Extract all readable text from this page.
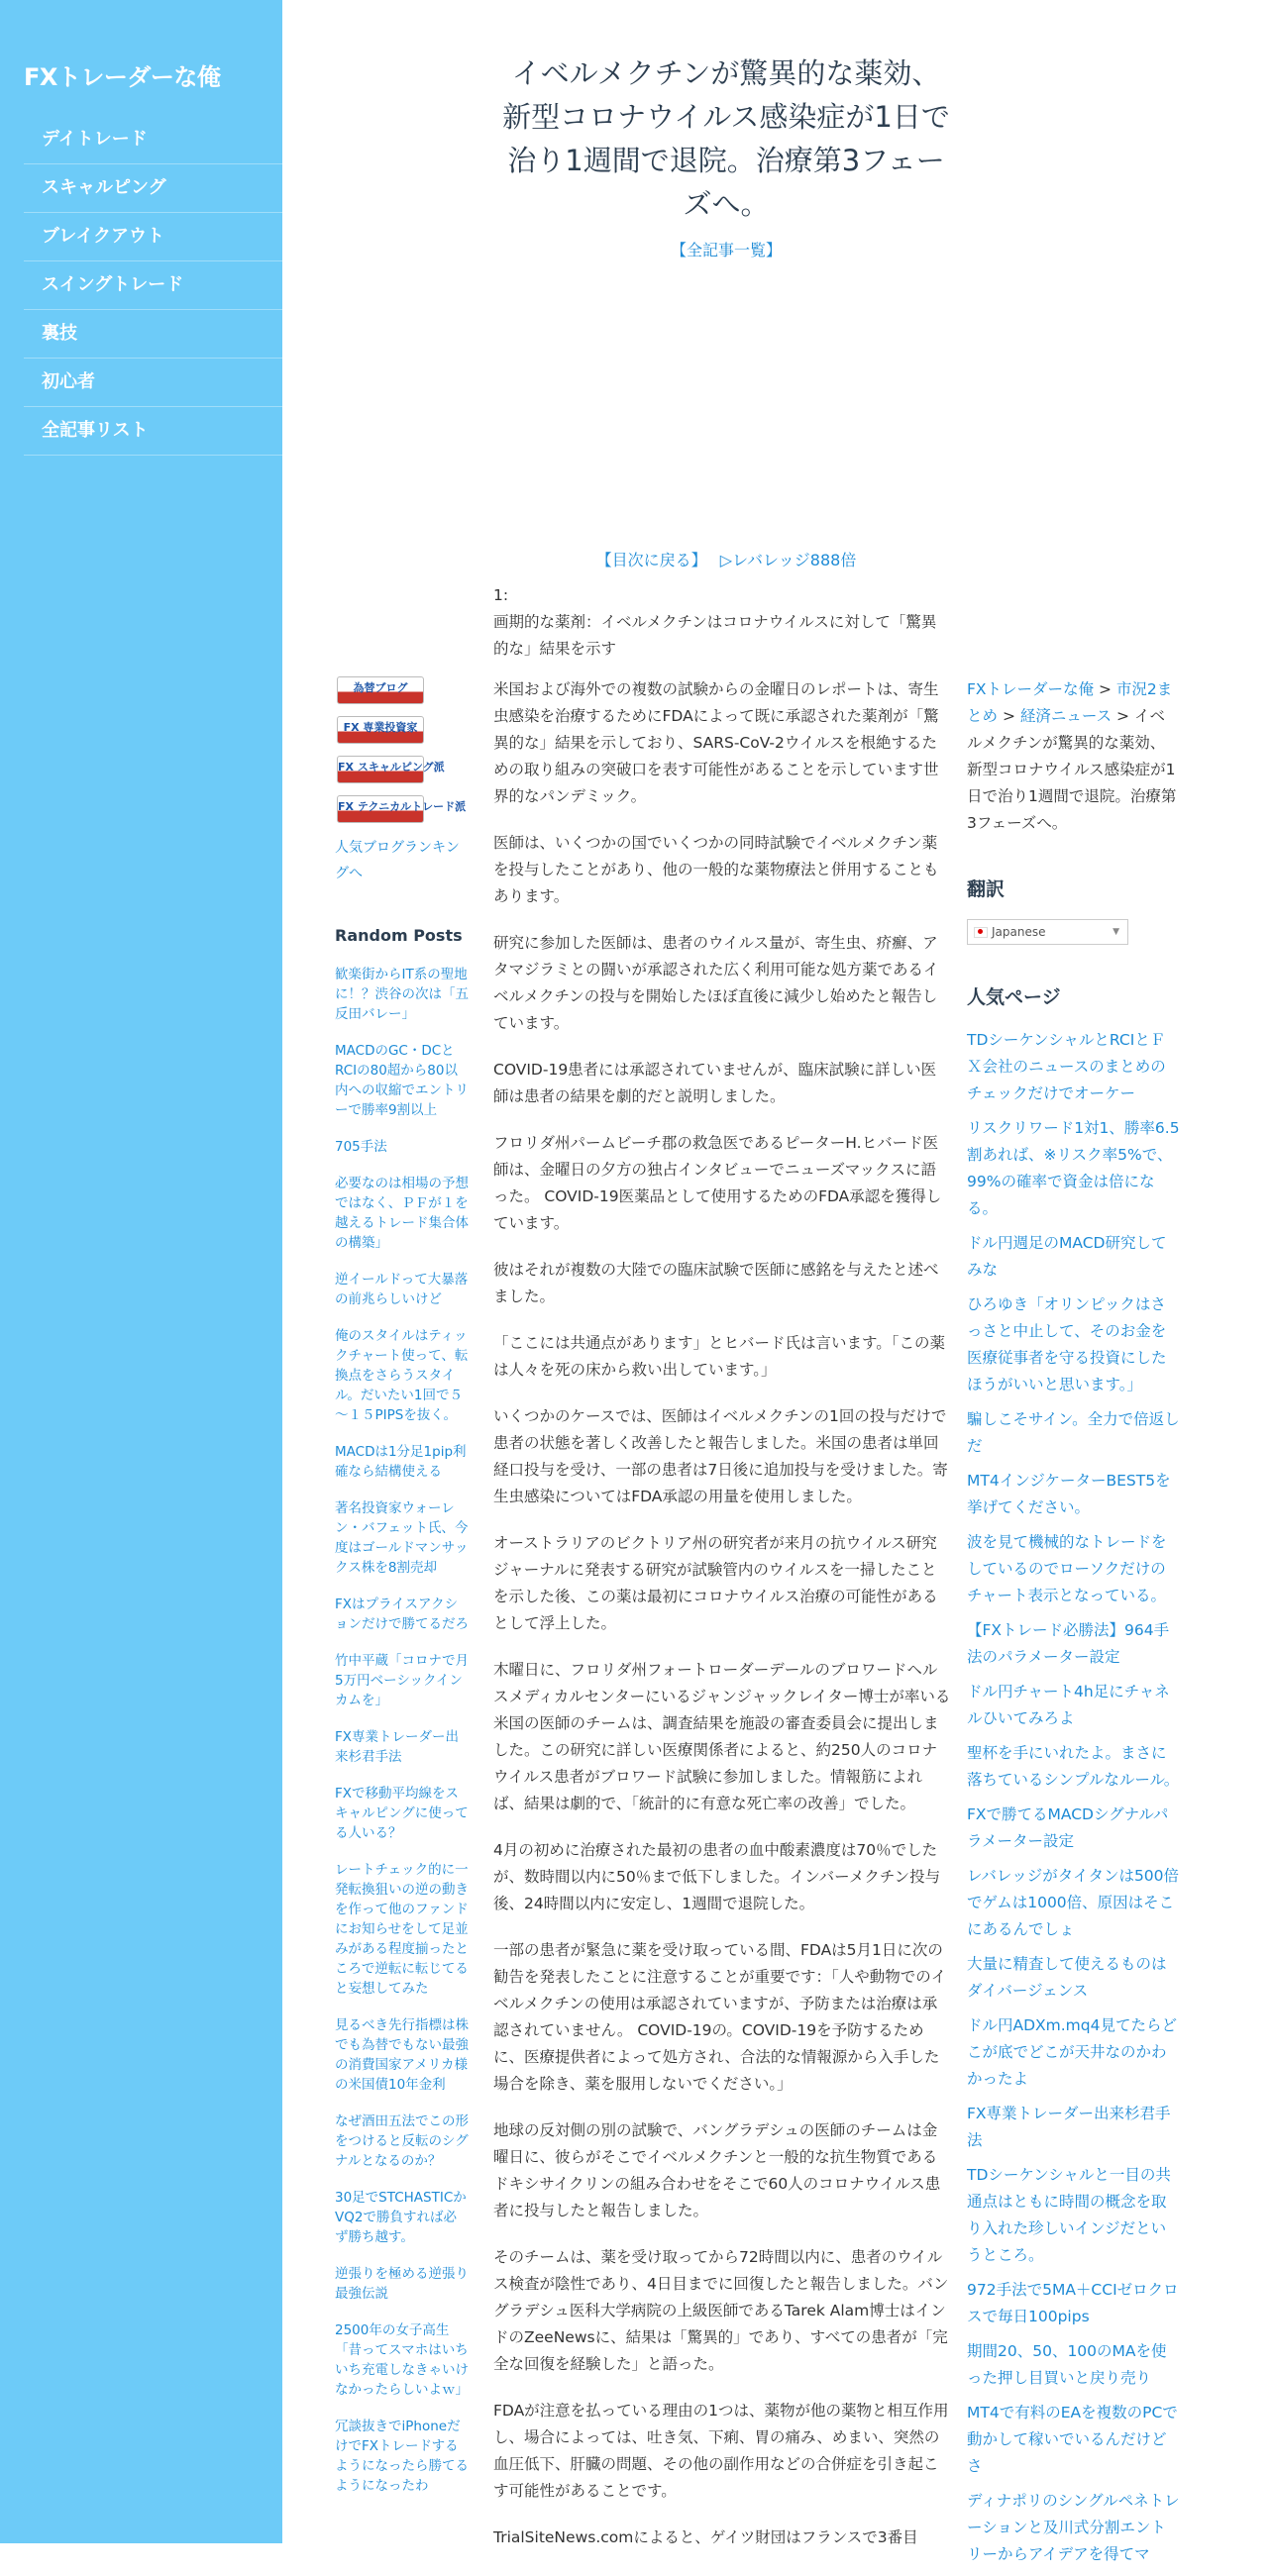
FXトレーダーな俺
デイトレード
スキャルピング
ブレイクアウト
スイングトレード
裏技
初心者
全記事リスト
イベルメクチンが驚異的な薬効、新型コロナウイルス感染症が1日で治り1週間で退院。治療第3フェーズへ。
【全記事一覧】
【目次に戻る】 ▷レバレッジ888倍
1:
画期的な薬剤：イベルメクチンはコロナウイルスに対して「驚異的な」結果を示す

米国および海外での複数の試験からの金曜日のレポートは、寄生虫感染を治療するためにFDAによって既に承認された薬剤が「驚異的な」結果を示しており、SARS-CoV-2ウイルスを根絶するための取り組みの突破口を表す可能性があることを示しています世界的なパンデミック。

医師は、いくつかの国でいくつかの同時試験でイベルメクチン薬を投与したことがあり、他の一般的な薬物療法と併用することもあります。

研究に参加した医師は、患者のウイルス量が、寄生虫、疥癬、アタマジラミとの闘いが承認された広く利用可能な処方薬であるイベルメクチンの投与を開始したほぼ直後に減少し始めたと報告しています。

COVID-19患者には承認されていませんが、臨床試験に詳しい医師は患者の結果を劇的だと説明しました。

フロリダ州パームビーチ郡の救急医であるピーターH.ヒバード医師は、金曜日の夕方の独占インタビューでニューズマックスに語った。 COVID-19医薬品として使用するためのFDA承認を獲得しています。

彼はそれが複数の大陸での臨床試験で医師に感銘を与えたと述べました。

「ここには共通点があります」とヒバード氏は言います。「この薬は人々を死の床から救い出しています。」

いくつかのケースでは、医師はイベルメクチンの1回の投与だけで患者の状態を著しく改善したと報告しました。米国の患者は単回経口投与を受け、一部の患者は7日後に追加投与を受けました。寄生虫感染についてはFDA承認の用量を使用しました。

オーストラリアのビクトリア州の研究者が来月の抗ウイルス研究ジャーナルに発表する研究が試験管内のウイルスを一掃したことを示した後、この薬は最初にコロナウイルス治療の可能性があるとして浮上した。

木曜日に、フロリダ州フォートローダーデールのブロワードヘルスメディカルセンターにいるジャンジャックレイター博士が率いる米国の医師のチームは、調査結果を施設の審査委員会に提出しました。この研究に詳しい医療関係者によると、約250人のコロナウイルス患者がブロワード試験に参加しました。情報筋によれば、結果は劇的で、「統計的に有意な死亡率の改善」でした。

4月の初めに治療された最初の患者の血中酸素濃度は70％でしたが、数時間以内に50％まで低下しました。インバーメクチン投与後、24時間以内に安定し、1週間で退院した。

一部の患者が緊急に薬を受け取っている間、FDAは5月1日に次の勧告を発表したことに注意することが重要です：「人や動物でのイベルメクチンの使用は承認されていますが、予防または治療は承認されていません。 COVID-19の。COVID-19を予防するために、医療提供者によって処方され、合法的な情報源から入手した場合を除き、薬を服用しないでください。」

地球の反対側の別の試験で、バングラデシュの医師のチームは金曜日に、彼らがそこでイベルメクチンと一般的な抗生物質であるドキシサイクリンの組み合わせをそこで60人のコロナウイルス患者に投与したと報告しました。

そのチームは、薬を受け取ってから72時間以内に、患者のウイルス検査が陰性であり、4日目までに回復したと報告しました。バングラデシュ医科大学病院の上級医師であるTarek Alam博士はインドのZeeNewsに、結果は「驚異的」であり、すべての患者が「完全な回復を経験した」と語った。

FDAが注意を払っている理由の1つは、薬物が他の薬物と相互作用し、場合によっては、吐き気、下痢、胃の痛み、めまい、突然の血圧低下、肝臓の問題、その他の副作用などの合併症を引き起こす可能性があることです。

TrialSiteNews.comによると、ゲイツ財団はフランスで3番目

為替ブログ
FX 専業投資家
FX スキャルピング派
FX テクニカルトレード派
人気ブログランキングへ
Random Posts
歓楽街からIT系の聖地に！？渋谷の次は「五反田バレー」
MACDのGC・DCとRCIの80超から80以内への収縮でエントリーで勝率9割以上
705手法
必要なのは相場の予想ではなく、ＰＦが１を越えるトレード集合体の構築」
逆イールドって大暴落の前兆らしいけど
俺のスタイルはティックチャート使って、転換点をさらうスタイル。だいたい1回で５～１５PIPSを抜く。
MACDは1分足1pip利確なら結構使える
著名投資家ウォーレン・バフェット氏、今度はゴールドマンサックス株を8割売却
FXはプライスアクションだけで勝てるだろ
竹中平蔵「コロナで月5万円ベーシックインカムを」
FX専業トレーダー出来杉君手法
FXで移動平均線をスキャルピングに使ってる人いる？
レートチェック的に一発転換狙いの逆の動きを作って他のファンドにお知らせをして足並みがある程度揃ったところで逆転に転じてると妄想してみた
見るべき先行指標は株でも為替でもない最強の消費国家アメリカ様の米国債10年金利
なぜ酒田五法でこの形をつけると反転のシグナルとなるのか？
30足でSTCHASTICかVQ2で勝負すれば必ず勝ち越す。
逆張りを極める逆張り最強伝説
2500年の女子高生「昔ってスマホはいちいち充電しなきゃいけなかったらしいよｗ」
冗談抜きでiPhoneだけでFXトレードするようになったら勝てるようになったわ
FXトレーダーな俺 > 市況2まとめ > 経済ニュース > イベルメクチンが驚異的な薬効、新型コロナウイルス感染症が1日で治り1週間で退院。治療第3フェーズへ。
翻訳
Japanese	▼
人気ページ
TDシーケンシャルとRCIとＦＸ会社のニュースのまとめのチェックだけでオーケー
リスクリワード1対1、勝率6.5割あれば、※リスク率5%で、99%の確率で資金は倍になる。
ドル円週足のMACD研究してみな
ひろゆき「オリンピックはさっさと中止して、そのお金を医療従事者を守る投資にしたほうがいいと思います。」
騙しこそサイン。全力で倍返しだ
MT4インジケーターBEST5を挙げてください。
波を見て機械的なトレードをしているのでローソクだけのチャート表示となっている。
【FXトレード必勝法】964手法のパラメーター設定
ドル円チャート4h足にチャネルひいてみろよ
聖杯を手にいれたよ。まさに落ちているシンプルなルール。
FXで勝てるMACDシグナルパラメーター設定
レバレッジがタイタンは500倍でゲムは1000倍、原因はそこにあるんでしょ
大量に精査して使えるものはダイバージェンス
ドル円ADXm.mq4見てたらどこが底でどこが天井なのかわかったよ
FX専業トレーダー出来杉君手法
TDシーケンシャルと一目の共通点はともに時間の概念を取り入れた珍しいインジだというところ。
972手法で5MA＋CCIゼロクロスで毎日100pips
期間20、50、100のMAを使った押し目買いと戻り売り
MT4で有料のEAを複数のPCで動かして稼いでいるんだけどさ
ディナポリのシングルペネトレーションと及川式分割エントリーからアイデアを得てマ
